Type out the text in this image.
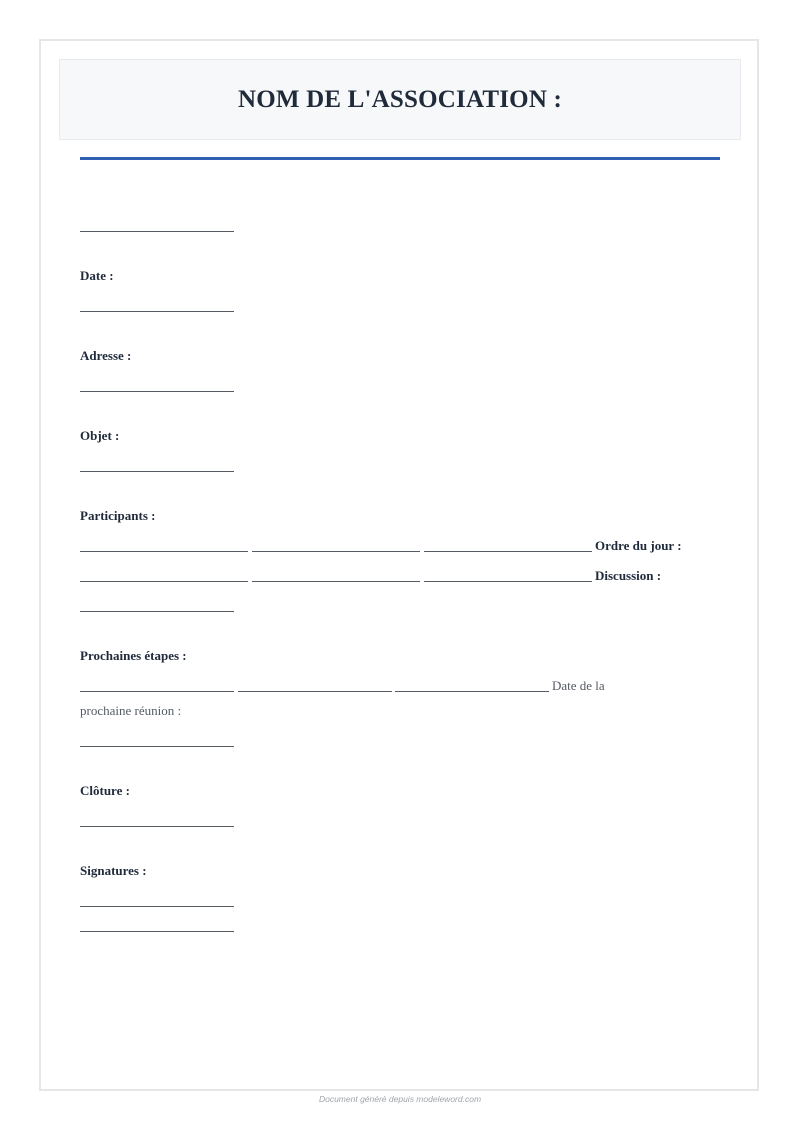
NOM DE L'ASSOCIATION :
Date :
Adresse :
Objet :
Participants :
Ordre du jour :
Discussion :
Prochaines étapes :
Date de la
prochaine réunion :
Clôture :
Signatures :
Document généré depuis modeleword.com
